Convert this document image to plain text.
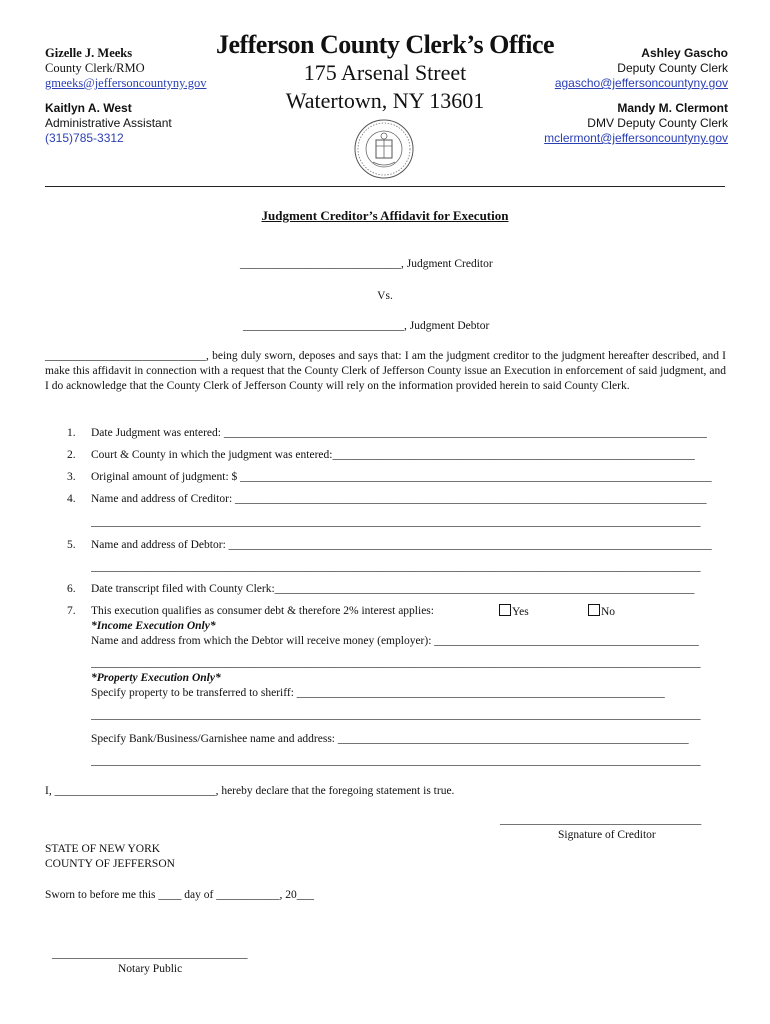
Gizelle J. Meeks
County Clerk/RMO
gmeeks@jeffersoncountyny.gov
Kaitlyn A. West
Administrative Assistant
(315)785-3312
Jefferson County Clerk’s Office
175 Arsenal Street
Watertown, NY 13601
Ashley Gascho
Deputy County Clerk
agascho@jeffersoncountyny.gov
Mandy M. Clermont
DMV Deputy County Clerk
mclermont@jeffersoncountyny.gov
Judgment Creditor’s Affidavit for Execution
____________________________, Judgment Creditor
Vs.
____________________________, Judgment Debtor
____________________________, being duly sworn, deposes and says that: I am the judgment creditor to the judgment hereafter described, and I make this affidavit in connection with a request that the County Clerk of Jefferson County issue an Execution in enforcement of said judgment, and I do acknowledge that the County Clerk of Jefferson County will rely on the information provided herein to said County Clerk.
1. Date Judgment was entered: ____________________________________________________________________________________
2. Court & County in which the judgment was entered:_______________________________________________________________
3. Original amount of judgment: $ __________________________________________________________________________________
4. Name and address of Creditor: __________________________________________________________________________________
__________________________________________________________________________________________________________
5. Name and address of Debtor: ____________________________________________________________________________________
__________________________________________________________________________________________________________
6. Date transcript filed with County Clerk:_________________________________________________________________________
7. This execution qualifies as consumer debt & therefore 2% interest applies:	Yes	No
*Income Execution Only*
Name and address from which the Debtor will receive money (employer): ______________________________________________
__________________________________________________________________________________________________________
*Property Execution Only*
Specify property to be transferred to sheriff: ________________________________________________________________
__________________________________________________________________________________________________________
Specify Bank/Business/Garnishee name and address: _____________________________________________________________
__________________________________________________________________________________________________________
I, ____________________________, hereby declare that the foregoing statement is true.
___________________________________
Signature of Creditor
STATE OF NEW YORK
COUNTY OF JEFFERSON
Sworn to before me this ____ day of ___________, 20___
__________________________________
Notary Public
